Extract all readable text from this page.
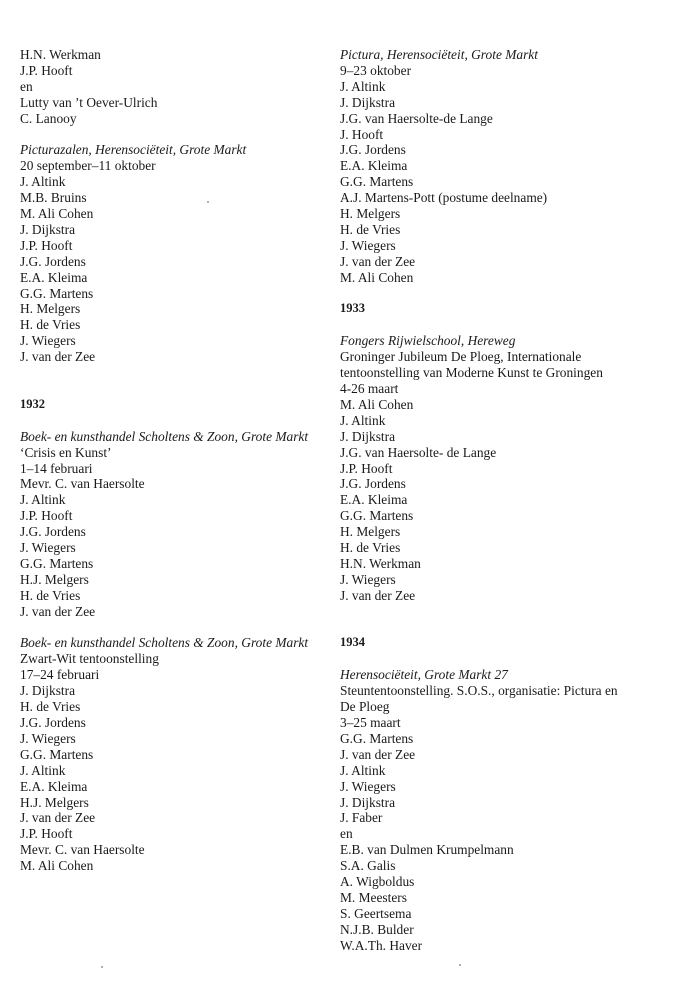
H.N. Werkman
J.P. Hooft
en
Lutty van ’t Oever-Ulrich
C. Lanooy
Picturazalen, Herensociëteit, Grote Markt
20 september–11 oktober
J. Altink
M.B. Bruins
M. Ali Cohen
J. Dijkstra
J.P. Hooft
J.G. Jordens
E.A. Kleima
G.G. Martens
H. Melgers
H. de Vries
J. Wiegers
J. van der Zee
1932
Boek- en kunsthandel Scholtens & Zoon, Grote Markt
‘Crisis en Kunst’
1–14 februari
Mevr. C. van Haersolte
J. Altink
J.P. Hooft
J.G. Jordens
J. Wiegers
G.G. Martens
H.J. Melgers
H. de Vries
J. van der Zee
Boek- en kunsthandel Scholtens & Zoon, Grote Markt
Zwart-Wit tentoonstelling
17–24 februari
J. Dijkstra
H. de Vries
J.G. Jordens
J. Wiegers
G.G. Martens
J. Altink
E.A. Kleima
H.J. Melgers
J. van der Zee
J.P. Hooft
Mevr. C. van Haersolte
M. Ali Cohen
Pictura, Herensociëteit, Grote Markt
9–23 oktober
J. Altink
J. Dijkstra
J.G. van Haersolte-de Lange
J. Hooft
J.G. Jordens
E.A. Kleima
G.G. Martens
A.J. Martens-Pott (postume deelname)
H. Melgers
H. de Vries
J. Wiegers
J. van der Zee
M. Ali Cohen
1933
Fongers Rijwielschool, Hereweg
Groninger Jubileum De Ploeg, Internationale
tentoonstelling van Moderne Kunst te Groningen
4-26 maart
M. Ali Cohen
J. Altink
J. Dijkstra
J.G. van Haersolte- de Lange
J.P. Hooft
J.G. Jordens
E.A. Kleima
G.G. Martens
H. Melgers
H. de Vries
H.N. Werkman
J. Wiegers
J. van der Zee
1934
Herensociëteit, Grote Markt 27
Steuntentoonstelling. S.O.S., organisatie: Pictura en
De Ploeg
3–25 maart
G.G. Martens
J. van der Zee
J. Altink
J. Wiegers
J. Dijkstra
J. Faber
en
E.B. van Dulmen Krumpelmann
S.A. Galis
A. Wigboldus
M. Meesters
S. Geertsema
N.J.B. Bulder
W.A.Th. Haver
